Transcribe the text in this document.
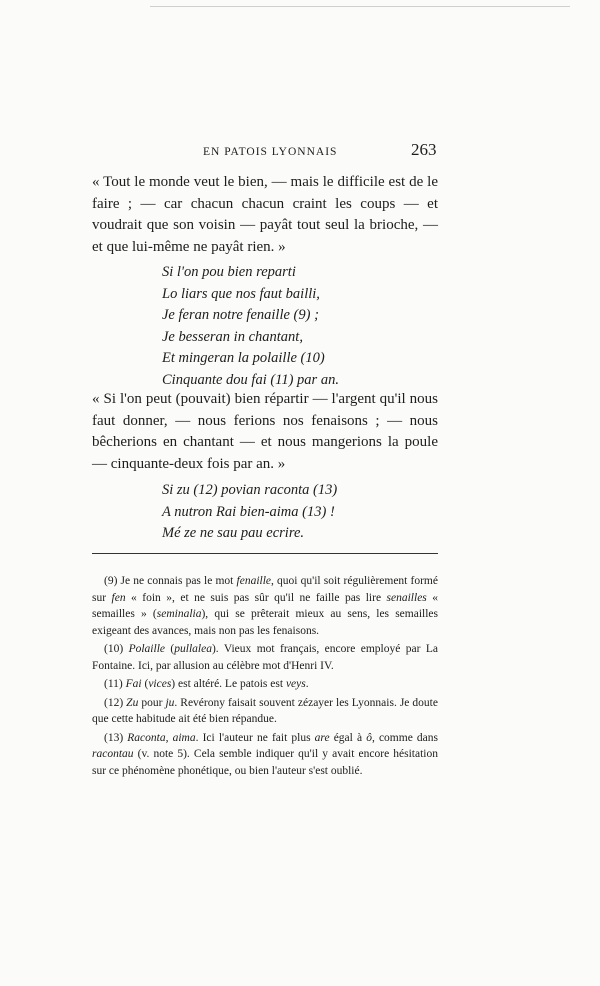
EN PATOIS LYONNAIS	263

« Tout le monde veut le bien, — mais le difficile est de le faire ; — car chacun chacun craint les coups — et voudrait que son voisin — payât tout seul la brioche, — et que lui-même ne payât rien. »

Si l'on pou bien reparti
Lo liars que nos faut bailli,
Je feran notre fenaille (9) ;
Je besseran in chantant,
Et mingeran la polaille (10)
Cinquante dou fai (11) par an.

« Si l'on peut (pouvait) bien répartir — l'argent qu'il nous faut donner, — nous ferions nos fenaisons ; — nous bêcherions en chantant — et nous mangerions la poule — cinquante-deux fois par an. »

Si zu (12) povian raconta (13)
A nutron Rai bien-aima (13) !
Mé ze ne sau pau ecrire.

(9) Je ne connais pas le mot fenaille, quoi qu'il soit régulièrement formé sur fen « foin », et ne suis pas sûr qu'il ne faille pas lire senailles « semailles » (seminalia), qui se prêterait mieux au sens, les semailles exigeant des avances, mais non pas les fenaisons.

(10) Polaille (pullalea). Vieux mot français, encore employé par La Fontaine. Ici, par allusion au célèbre mot d'Henri IV.

(11) Fai (vices) est altéré. Le patois est veys.

(12) Zu pour ju. Revérony faisait souvent zézayer les Lyonnais. Je doute que cette habitude ait été bien répandue.

(13) Raconta, aima. Ici l'auteur ne fait plus are égal à ô, comme dans racontau (v. note 5). Cela semble indiquer qu'il y avait encore hésitation sur ce phénomène phonétique, ou bien l'auteur s'est oublié.
